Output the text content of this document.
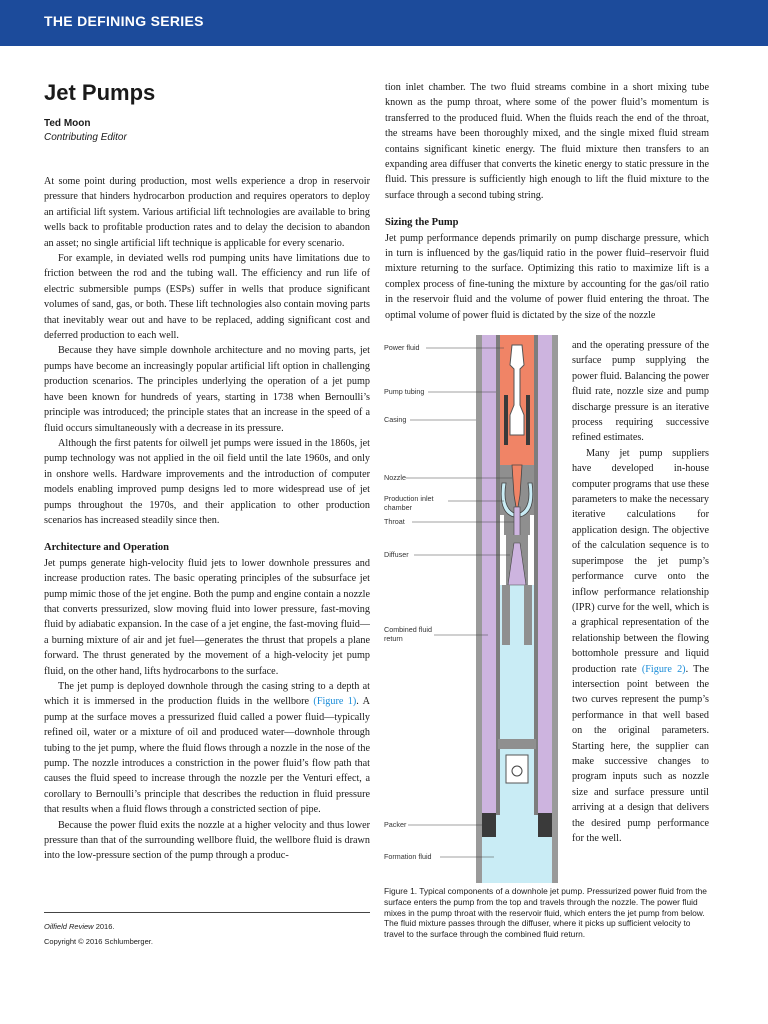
THE DEFINING SERIES
Jet Pumps
Ted Moon
Contributing Editor

At some point during production, most wells experience a drop in reservoir pressure that hinders hydrocarbon production and requires operators to deploy an artificial lift system. Various artificial lift technologies are available to bring wells back to profitable production rates and to delay the decision to abandon an asset; no single artificial lift technique is applicable for every scenario.

For example, in deviated wells rod pumping units have limitations due to friction between the rod and the tubing wall. The efficiency and run life of electric submersible pumps (ESPs) suffer in wells that produce significant volumes of sand, gas, or both. These lift technologies also contain moving parts that inevitably wear out and have to be replaced, adding significant cost and deferred production to each well.

Because they have simple downhole architecture and no moving parts, jet pumps have become an increasingly popular artificial lift option in challenging production scenarios. The principles underlying the operation of a jet pump have been known for hundreds of years, starting in 1738 when Bernoulli’s principle was introduced; the principle states that an increase in the speed of a fluid occurs simultaneously with a decrease in its pressure.

Although the first patents for oilwell jet pumps were issued in the 1860s, jet pump technology was not applied in the oil field until the late 1960s, and only in onshore wells. Hardware improvements and the introduction of computer models enabling improved pump designs led to more widespread use of jet pumps throughout the 1970s, and their application to other production scenarios has increased steadily since then.

Architecture and Operation

Jet pumps generate high-velocity fluid jets to lower downhole pressures and increase production rates. The basic operating principles of the subsurface jet pump mimic those of the jet engine. Both the pump and engine contain a nozzle that converts pressurized, slow moving fluid into lower pressure, fast-moving fluid by adiabatic expansion. In the case of a jet engine, the fast-moving fluid—a burning mixture of air and jet fuel—generates the thrust that propels a plane forward. The thrust generated by the movement of a high-velocity jet pump fluid, on the other hand, lifts hydrocarbons to the surface.

The jet pump is deployed downhole through the casing string to a depth at which it is immersed in the production fluids in the wellbore (Figure 1). A pump at the surface moves a pressurized fluid called a power fluid—typically refined oil, water or a mixture of oil and produced water—downhole through tubing to the jet pump, where the fluid flows through a nozzle in the nose of the pump. The nozzle introduces a constriction in the power fluid’s flow path that causes the fluid speed to increase through the nozzle per the Venturi effect, a corollary to Bernoulli’s principle that describes the reduction in fluid pressure that results when a fluid flows through a constricted section of pipe.

Because the power fluid exits the nozzle at a higher velocity and thus lower pressure than that of the surrounding wellbore fluid, the wellbore fluid is drawn into the low-pressure section of the pump through a produc-

Oilfield Review 2016.
Copyright © 2016 Schlumberger.

tion inlet chamber. The two fluid streams combine in a short mixing tube known as the pump throat, where some of the power fluid’s momentum is transferred to the produced fluid. When the fluids reach the end of the throat, the streams have been thoroughly mixed, and the single mixed fluid stream contains significant kinetic energy. The fluid mixture then transfers to an expanding area diffuser that converts the kinetic energy to static pressure in the fluid. This pressure is sufficiently high enough to lift the fluid mixture to the surface through a second tubing string.

Sizing the Pump

Jet pump performance depends primarily on pump discharge pressure, which in turn is influenced by the gas/liquid ratio in the power fluid–reservoir fluid mixture returning to the surface. Optimizing this ratio to maximize lift is a complex process of fine-tuning the mixture by accounting for the gas/oil ratio in the reservoir fluid and the volume of power fluid entering the throat. The optimal volume of power fluid is dictated by the size of the nozzle

and the operating pressure of the surface pump supplying the power fluid. Balancing the power fluid rate, nozzle size and pump discharge pressure is an iterative process requiring successive refined estimates.

Many jet pump suppliers have developed in-house computer programs that use these parameters to make the necessary iterative calculations for application design. The objective of the calculation sequence is to superimpose the jet pump’s performance curve onto the inflow performance relationship (IPR) curve for the well, which is a graphical representation of the relationship between the flowing bottomhole pressure and liquid production rate (Figure 2). The intersection point between the two curves represent the pump’s performance in that well based on the original parameters. Starting here, the supplier can make successive changes to program inputs such as nozzle size and surface pressure until arriving at a design that delivers the desired pump performance for the well.

Power fluid
Pump tubing
Casing
Nozzle
Production inlet
chamber
Throat
Diffuser
Combined fluid
return
Packer
Formation fluid
Figure 1. Typical components of a downhole jet pump. Pressurized power fluid from the surface enters the pump from the top and travels through the nozzle. The power fluid mixes in the pump throat with the reservoir fluid, which enters the jet pump from below. The fluid mixture passes through the diffuser, where it picks up sufficient velocity to travel to the surface through the combined fluid return.
